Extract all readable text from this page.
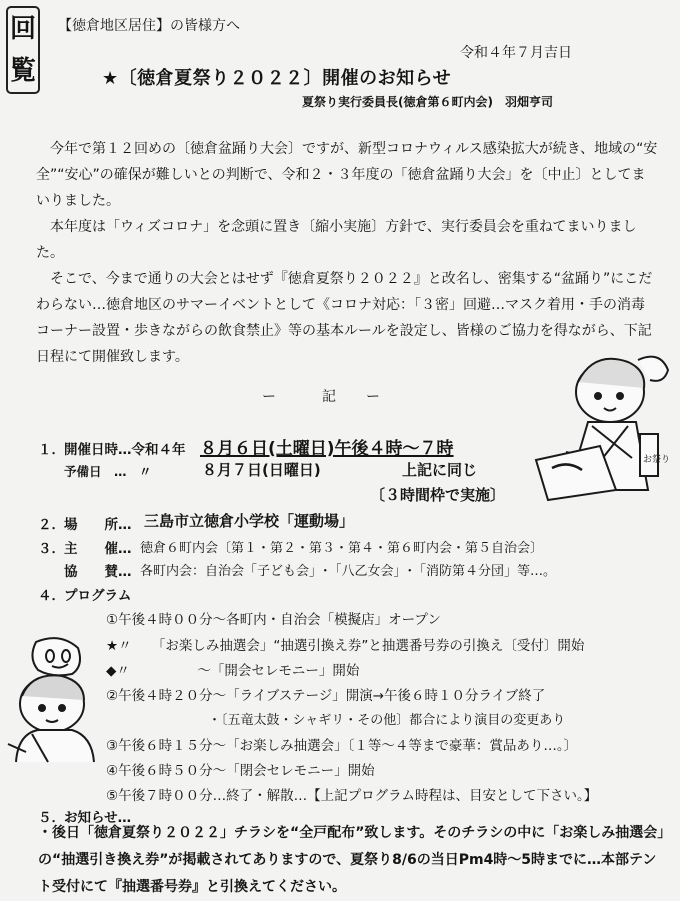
回
覧
【徳倉地区居住】の皆様方へ
令和４年７月吉日
★〔徳倉夏祭り２０２２〕開催のお知らせ
夏祭り実行委員長(徳倉第６町内会)　羽畑亨司

今年で第１２回めの〔徳倉盆踊り大会〕ですが、新型コロナウィルス感染拡大が続き、地域の“安全”“安心”の確保が難しいとの判断で、令和２・３年度の「徳倉盆踊り大会」を〔中止〕としてまいりました。

本年度は「ウィズコロナ」を念頭に置き〔縮小実施〕方針で、実行委員会を重ねてまいりました。

そこで、今まで通りの大会とはせず『徳倉夏祭り２０２２』と改名し、密集する“盆踊り”にこだわらない…徳倉地区のサマーイベントとして《コロナ対応：「３密」回避…マスク着用・手の消毒コーナー設置・歩きながらの飲食禁止》等の基本ルールを設定し、皆様のご協力を得ながら、下記日程にて開催致します。

ー	記 ー
１． 開催日時…令和４年 ８月６日(土曜日)午後４時～７時
予備日　…　〃	８月７日(日曜日)	上記に同じ
〔３時間枠で実施〕
２． 場　　所… 三島市立徳倉小学校「運動場」
３． 主　　催… 徳倉６町内会〔第１・第２・第３・第４・第６町内会・第５自治会〕
協　　賛… 各町内会：自治会「子ども会」･「八乙女会」･「消防第４分団」等…。
４． プログラム
①午後４時００分～各町内・自治会「模擬店」オープン
★〃　　「お楽しみ抽選会」“抽選引換え券”と抽選番号券の引換え〔受付〕開始
◆〃　　　　　～「開会セレモニー」開始
②午後４時２０分～「ライブステージ」開演→午後６時１０分ライブ終了
・〔五竜太鼓・シャギリ・その他〕都合により演目の変更あり
③午後６時１５分～「お楽しみ抽選会」〔１等～４等まで豪華：賞品あり…。〕
④午後６時５０分～「閉会セレモニー」開始
⑤午後７時００分…終了・解散…【上記プログラム時程は、目安として下さい。】
５． お知らせ…
・後日「徳倉夏祭り２０２２」チラシを“全戸配布”致します。そのチラシの中に「お楽しみ抽選会」の“抽選引き換え券”が掲載されてありますので、夏祭り8/6の当日Pm4時～5時までに…本部テント受付にて『抽選番号券』と引換えてください。
お祭り
